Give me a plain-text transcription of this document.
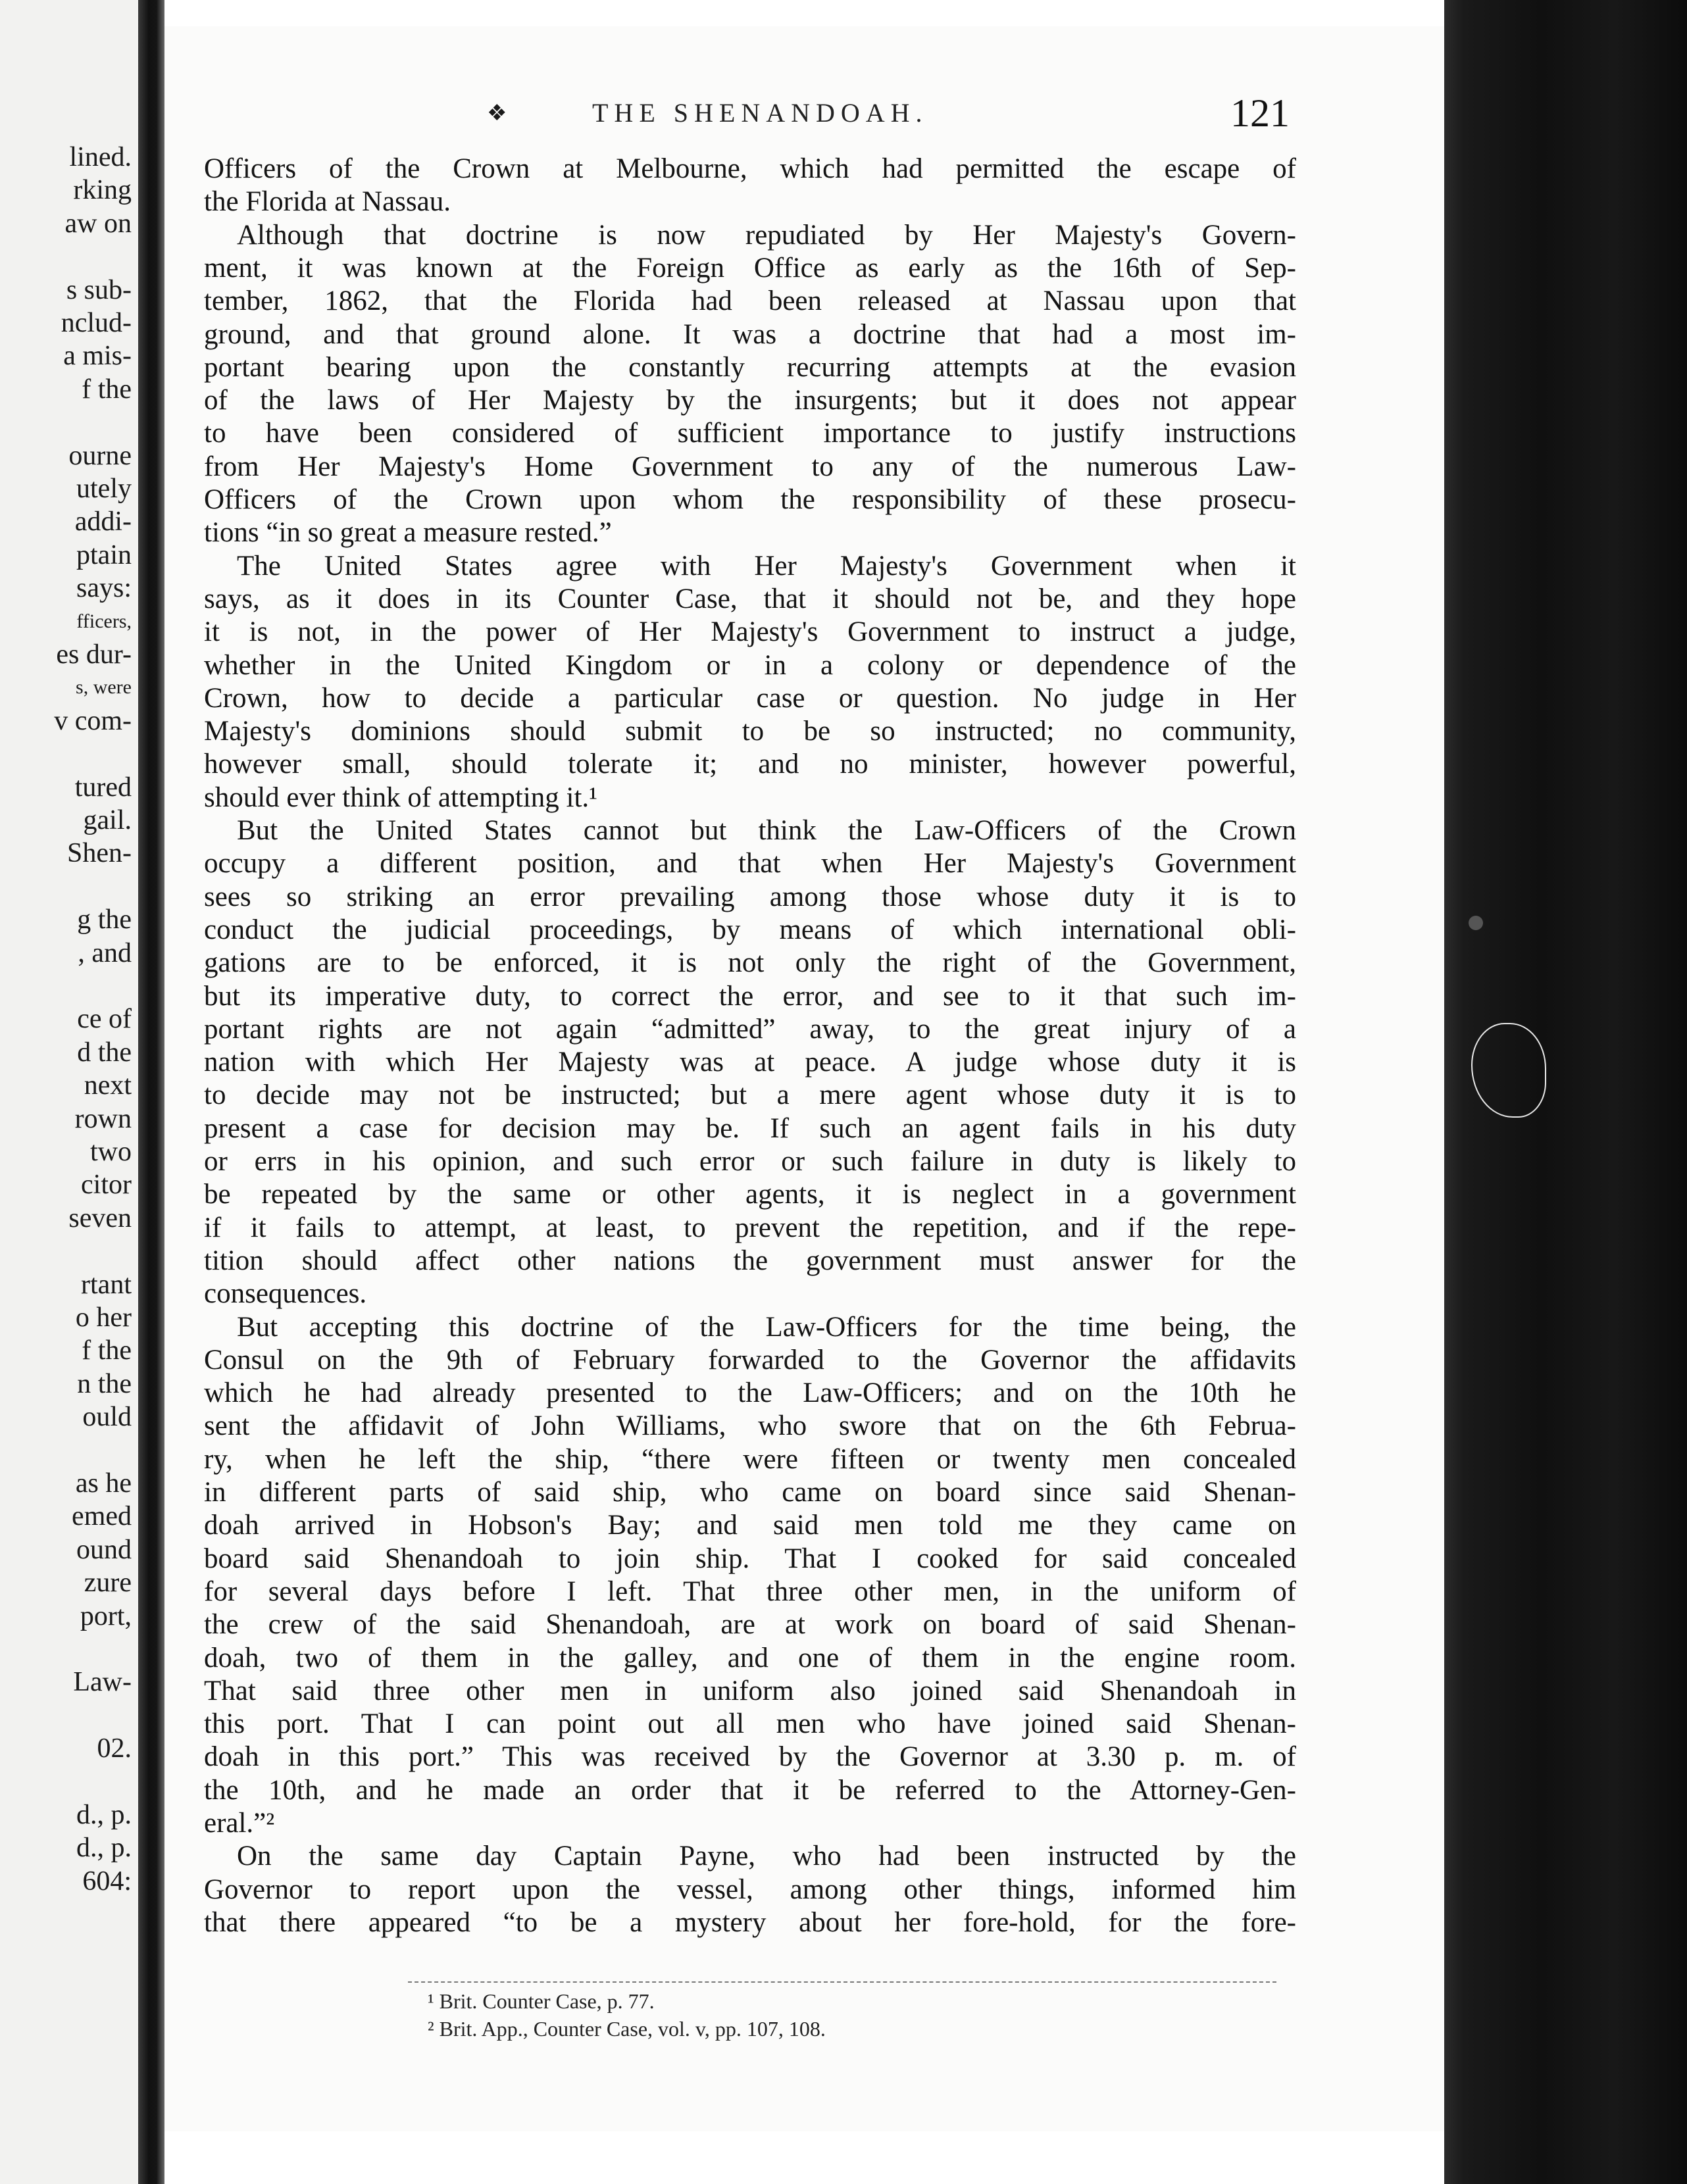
❖	THE SHENANDOAH.	121
lined.
rking
aw on
s sub-
nclud-
a mis-
f the
ourne
utely
addi-
ptain
says:
fficers,
es dur-
s, were
v com-
tured
gail.
Shen-
g the
, and
ce of
d the
next
rown
two
citor
seven
rtant
o her
f the
n the
ould
as he
emed
ound
zure
port,
Law-
02.
d., p.
d., p.
604:
Officers of the Crown at Melbourne, which had permitted the escape of
the Florida at Nassau.
Although that doctrine is now repudiated by Her Majesty's Govern-
ment, it was known at the Foreign Office as early as the 16th of Sep-
tember, 1862, that the Florida had been released at Nassau upon that
ground, and that ground alone. It was a doctrine that had a most im-
portant bearing upon the constantly recurring attempts at the evasion
of the laws of Her Majesty by the insurgents; but it does not appear
to have been considered of sufficient importance to justify instructions
from Her Majesty's Home Government to any of the numerous Law-
Officers of the Crown upon whom the responsibility of these prosecu-
tions “in so great a measure rested.”
The United States agree with Her Majesty's Government when it
says, as it does in its Counter Case, that it should not be, and they hope
it is not, in the power of Her Majesty's Government to instruct a judge,
whether in the United Kingdom or in a colony or dependence of the
Crown, how to decide a particular case or question. No judge in Her
Majesty's dominions should submit to be so instructed; no community,
however small, should tolerate it; and no minister, however powerful,
should ever think of attempting it.¹
But the United States cannot but think the Law-Officers of the Crown
occupy a different position, and that when Her Majesty's Government
sees so striking an error prevailing among those whose duty it is to
conduct the judicial proceedings, by means of which international obli-
gations are to be enforced, it is not only the right of the Government,
but its imperative duty, to correct the error, and see to it that such im-
portant rights are not again “admitted” away, to the great injury of a
nation with which Her Majesty was at peace. A judge whose duty it is
to decide may not be instructed; but a mere agent whose duty it is to
present a case for decision may be. If such an agent fails in his duty
or errs in his opinion, and such error or such failure in duty is likely to
be repeated by the same or other agents, it is neglect in a government
if it fails to attempt, at least, to prevent the repetition, and if the repe-
tition should affect other nations the government must answer for the
consequences.
But accepting this doctrine of the Law-Officers for the time being, the
Consul on the 9th of February forwarded to the Governor the affidavits
which he had already presented to the Law-Officers; and on the 10th he
sent the affidavit of John Williams, who swore that on the 6th Februa-
ry, when he left the ship, “there were fifteen or twenty men concealed
in different parts of said ship, who came on board since said Shenan-
doah arrived in Hobson's Bay; and said men told me they came on
board said Shenandoah to join ship. That I cooked for said concealed
for several days before I left. That three other men, in the uniform of
the crew of the said Shenandoah, are at work on board of said Shenan-
doah, two of them in the galley, and one of them in the engine room.
That said three other men in uniform also joined said Shenandoah in
this port. That I can point out all men who have joined said Shenan-
doah in this port.” This was received by the Governor at 3.30 p. m. of
the 10th, and he made an order that it be referred to the Attorney-Gen-
eral.”²
On the same day Captain Payne, who had been instructed by the
Governor to report upon the vessel, among other things, informed him
that there appeared “to be a mystery about her fore-hold, for the fore-
¹ Brit. Counter Case, p. 77.
² Brit. App., Counter Case, vol. v, pp. 107, 108.
